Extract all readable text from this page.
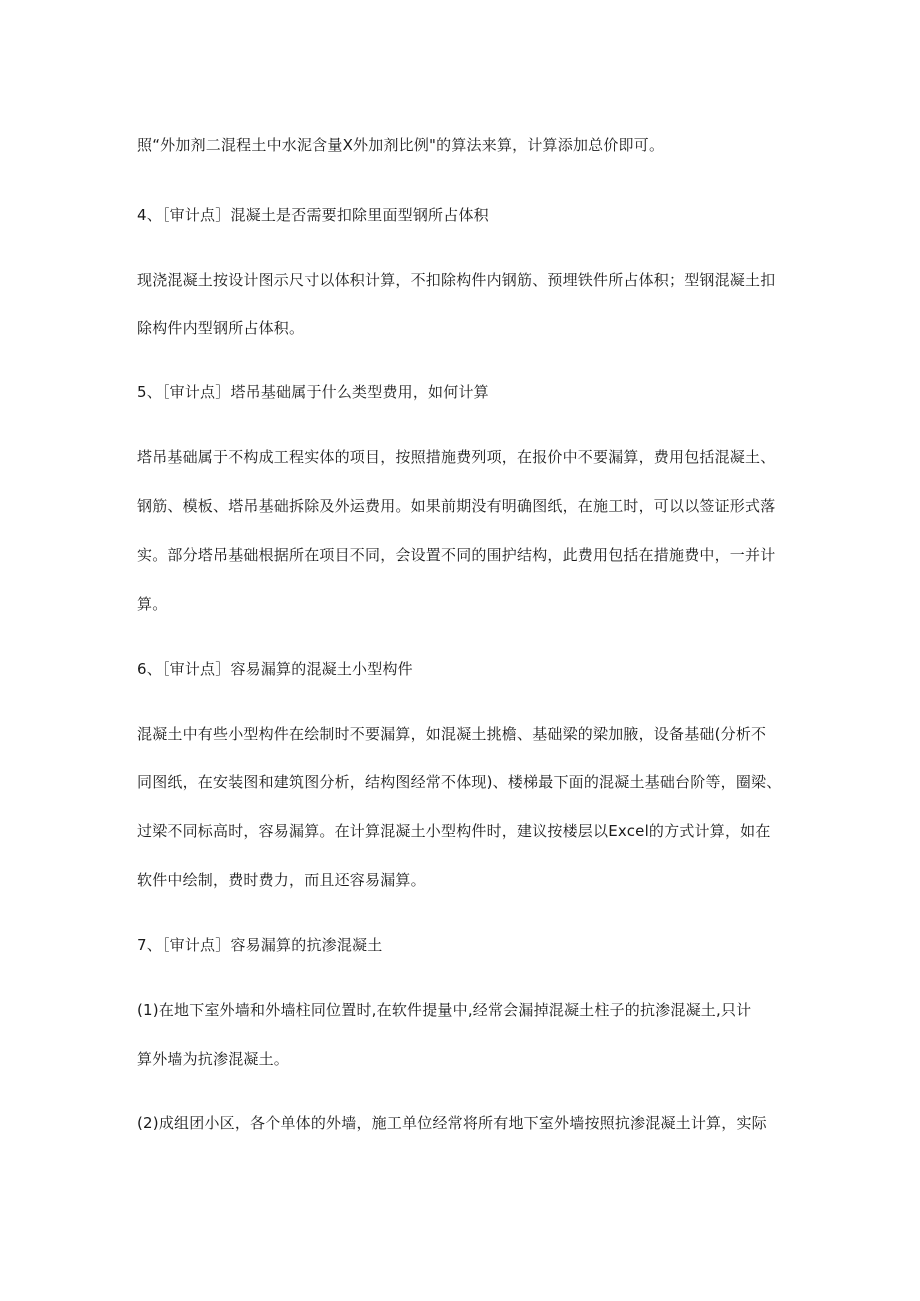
照“外加剂二混程土中水泥含量X外加剂比例"的算法来算，计算添加总价即可。
4、［审计点］混凝土是否需要扣除里面型钢所占体积
现浇混凝土按设计图示尺寸以体积计算，不扣除构件内钢筋、预埋铁件所占体积；型钢混凝土扣
除构件内型钢所占体积。
5、［审计点］塔吊基础属于什么类型费用，如何计算
塔吊基础属于不构成工程实体的项目，按照措施费列项，在报价中不要漏算，费用包括混凝土、
钢筋、模板、塔吊基础拆除及外运费用。如果前期没有明确图纸，在施工时，可以以签证形式落
实。部分塔吊基础根据所在项目不同，会设置不同的围护结构，此费用包括在措施费中，一并计
算。
6、［审计点］容易漏算的混凝土小型构件
混凝土中有些小型构件在绘制时不要漏算，如混凝土挑檐、基础梁的梁加腋，设备基础(分析不
同图纸，在安装图和建筑图分析，结构图经常不体现)、楼梯最下面的混凝土基础台阶等，圈梁、
过梁不同标高时，容易漏算。在计算混凝土小型构件时，建议按楼层以Excel的方式计算，如在
软件中绘制，费时费力，而且还容易漏算。
7、［审计点］容易漏算的抗渗混凝土
(1)在地下室外墙和外墙柱同位置时,在软件提量中,经常会漏掉混凝土柱子的抗渗混凝土,只计
算外墙为抗渗混凝土。
(2)成组团小区，各个单体的外墙，施工单位经常将所有地下室外墙按照抗渗混凝土计算，实际
